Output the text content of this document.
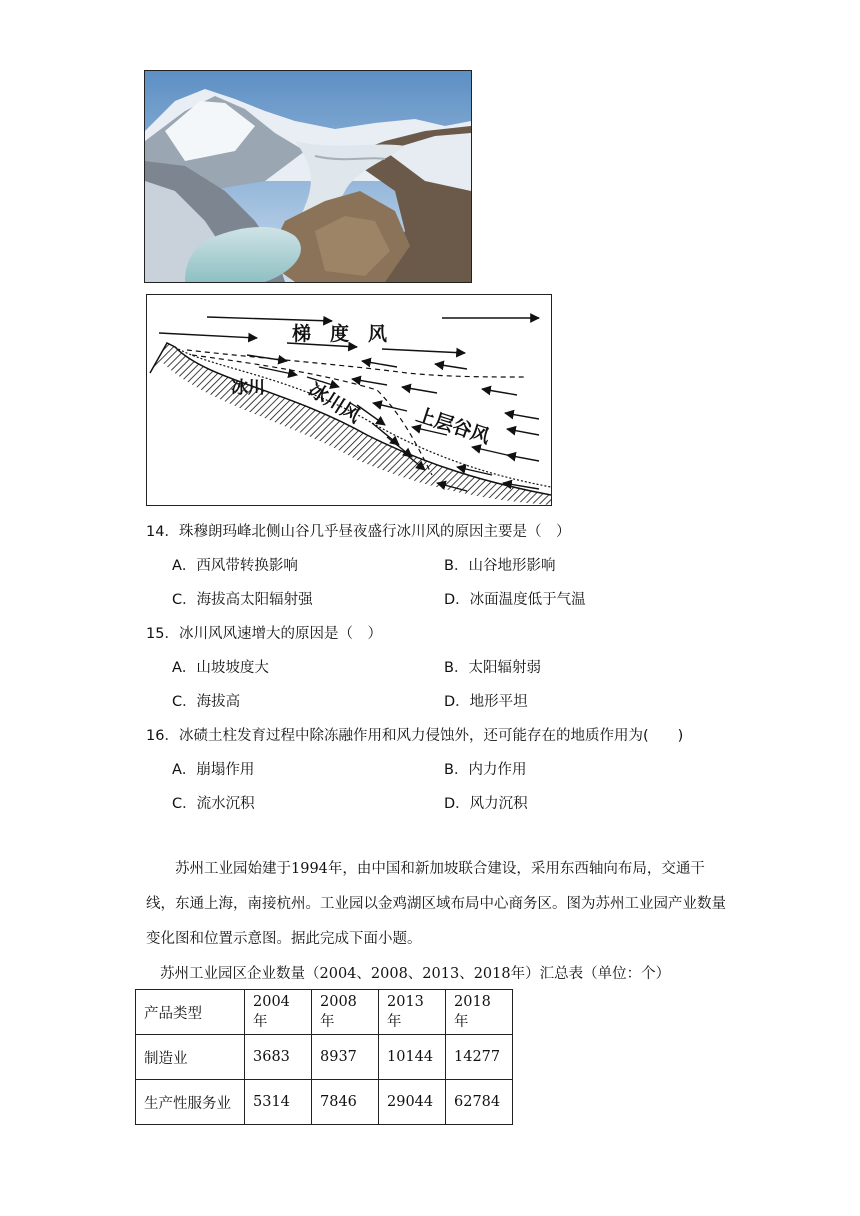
梯　度　风
冰川 冰川风	上层谷风
14．珠穆朗玛峰北侧山谷几乎昼夜盛行冰川风的原因主要是（　）
A．西风带转换影响	B．山谷地形影响
C．海拔高太阳辐射强	D．冰面温度低于气温
15．冰川风风速增大的原因是（　）
A．山坡坡度大	B．太阳辐射弱
C．海拔高	D．地形平坦
16．冰碛土柱发育过程中除冻融作用和风力侵蚀外，还可能存在的地质作用为(　　)
A．崩塌作用	B．内力作用
C．流水沉积	D．风力沉积
苏州工业园始建于1994年，由中国和新加坡联合建设，采用东西轴向布局，交通干线，东通上海，南接杭州。工业园以金鸡湖区域布局中心商务区。图为苏州工业园产业数量变化图和位置示意图。据此完成下面小题。
苏州工业园区企业数量（2004、2008、2013、2018年）汇总表（单位：个）
产品类型	2004年	2008年	2013年	2018年
制造业	3683	8937	10144	14277
生产性服务业	5314	7846	29044	62784
